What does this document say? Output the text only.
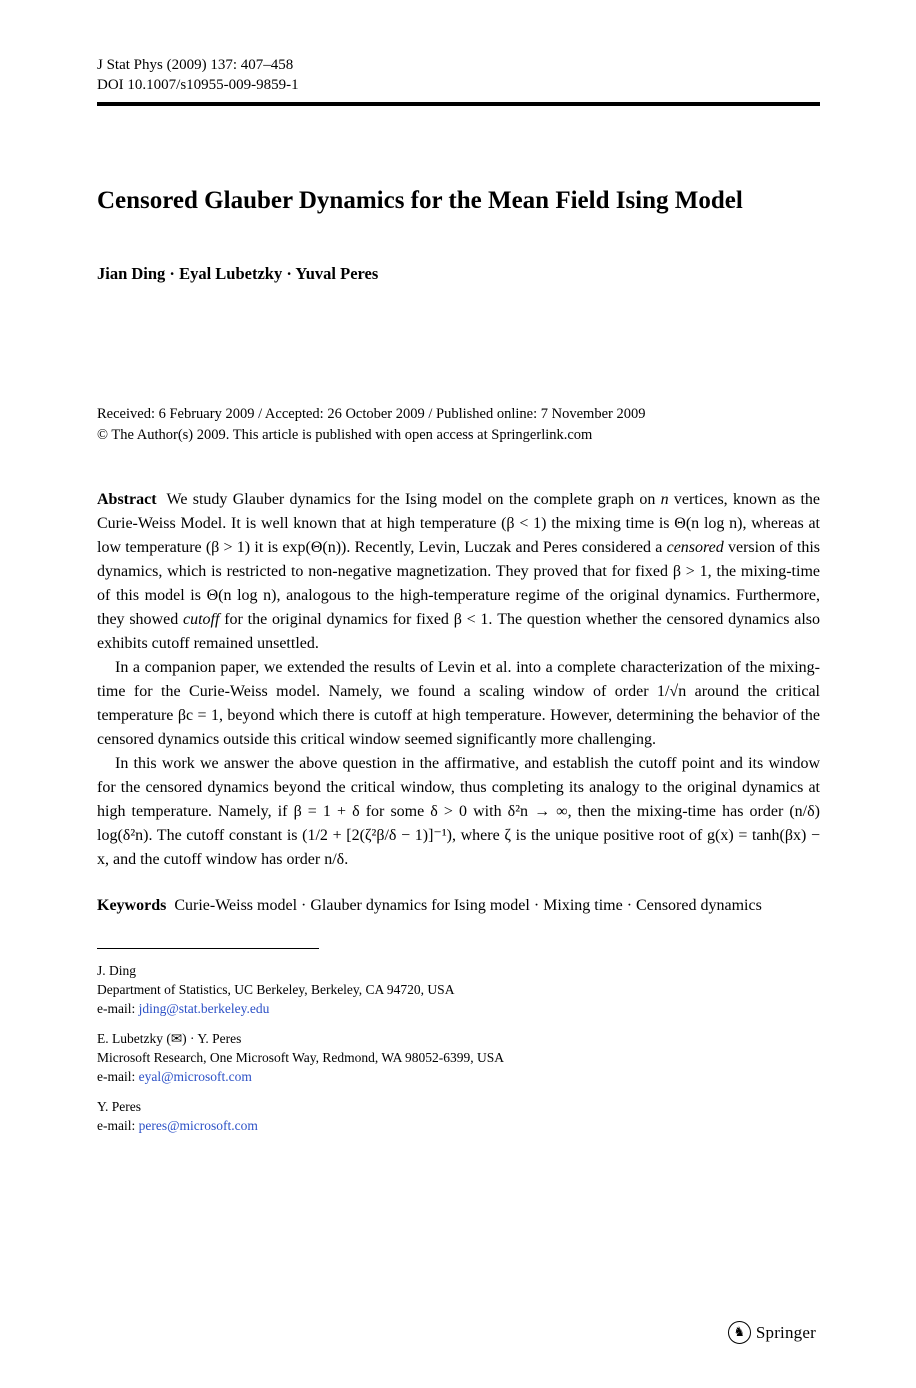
J Stat Phys (2009) 137: 407–458
DOI 10.1007/s10955-009-9859-1
Censored Glauber Dynamics for the Mean Field Ising Model
Jian Ding · Eyal Lubetzky · Yuval Peres
Received: 6 February 2009 / Accepted: 26 October 2009 / Published online: 7 November 2009
© The Author(s) 2009. This article is published with open access at Springerlink.com

Abstract We study Glauber dynamics for the Ising model on the complete graph on n vertices, known as the Curie-Weiss Model. It is well known that at high temperature (β < 1) the mixing time is Θ(n log n), whereas at low temperature (β > 1) it is exp(Θ(n)). Recently, Levin, Luczak and Peres considered a censored version of this dynamics, which is restricted to non-negative magnetization. They proved that for fixed β > 1, the mixing-time of this model is Θ(n log n), analogous to the high-temperature regime of the original dynamics. Furthermore, they showed cutoff for the original dynamics for fixed β < 1. The question whether the censored dynamics also exhibits cutoff remained unsettled.

In a companion paper, we extended the results of Levin et al. into a complete characterization of the mixing-time for the Curie-Weiss model. Namely, we found a scaling window of order 1/√n around the critical temperature βc = 1, beyond which there is cutoff at high temperature. However, determining the behavior of the censored dynamics outside this critical window seemed significantly more challenging.

In this work we answer the above question in the affirmative, and establish the cutoff point and its window for the censored dynamics beyond the critical window, thus completing its analogy to the original dynamics at high temperature. Namely, if β = 1 + δ for some δ > 0 with δ²n → ∞, then the mixing-time has order (n/δ) log(δ²n). The cutoff constant is (1/2 + [2(ζ²β/δ − 1)]⁻¹), where ζ is the unique positive root of g(x) = tanh(βx) − x, and the cutoff window has order n/δ.

Keywords Curie-Weiss model · Glauber dynamics for Ising model · Mixing time · Censored dynamics

J. Ding
Department of Statistics, UC Berkeley, Berkeley, CA 94720, USA
e-mail: jding@stat.berkeley.edu
E. Lubetzky (✉) · Y. Peres
Microsoft Research, One Microsoft Way, Redmond, WA 98052-6399, USA
e-mail: eyal@microsoft.com
Y. Peres
e-mail: peres@microsoft.com
♞ Springer
